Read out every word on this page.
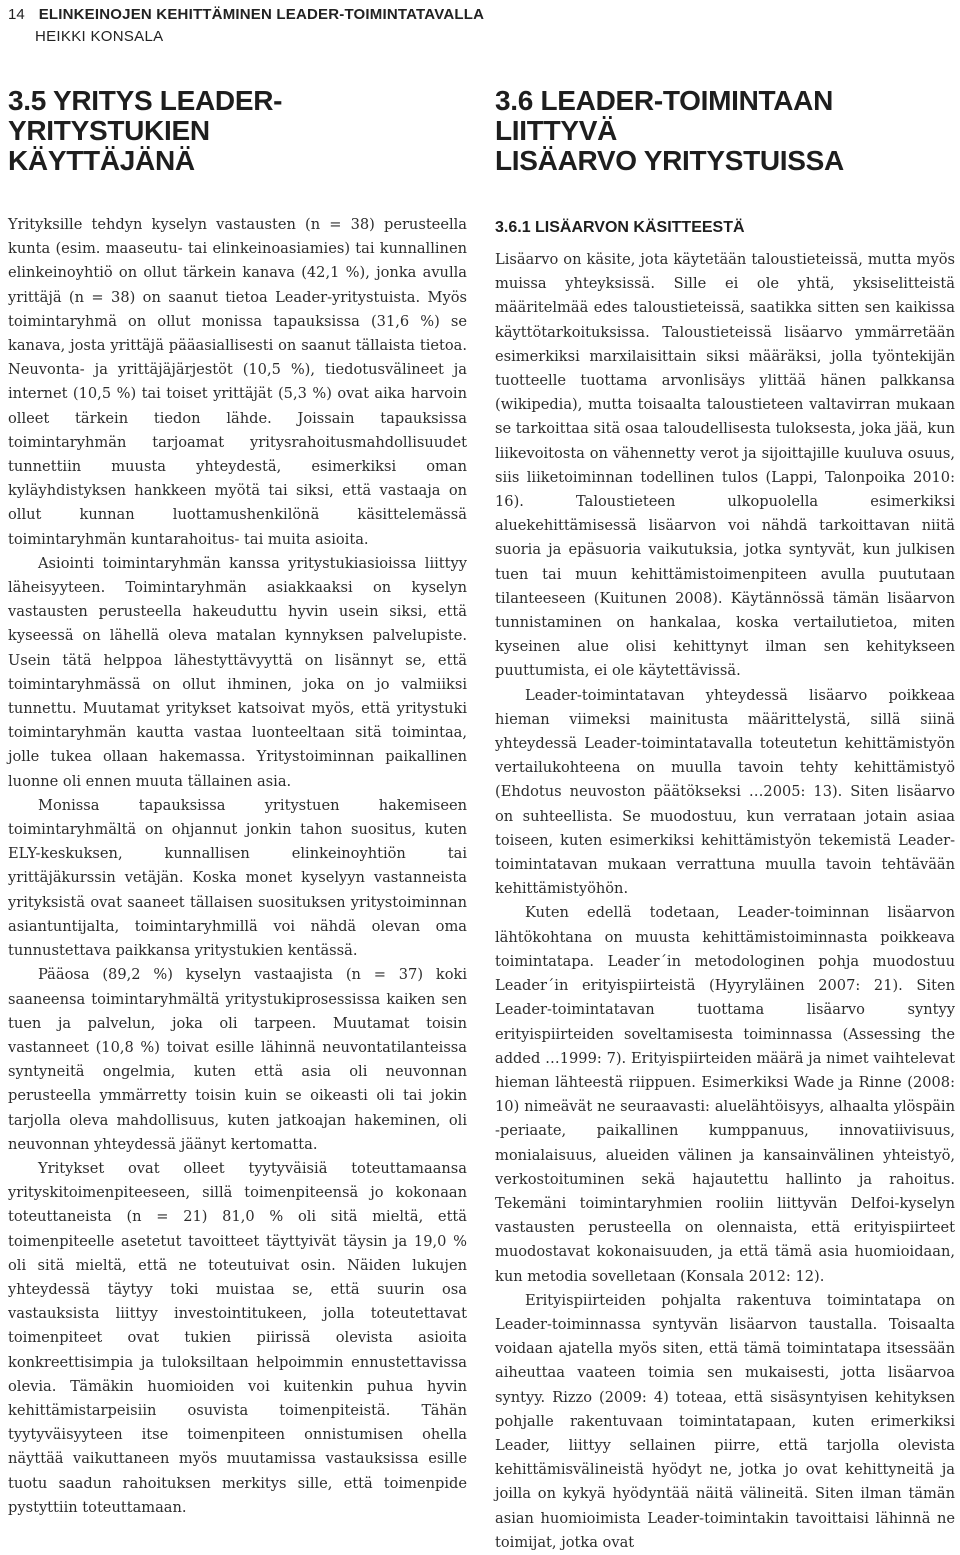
14 ELINKEINOJEN KEHITTÄMINEN LEADER-TOIMINTATAVALLA
HEIKKI KONSALA
3.5 YRITYS LEADER-YRITYSTUKIEN
KÄYTTÄJÄNÄ

Yrityksille tehdyn kyselyn vastausten (n = 38) perusteella kunta (esim. maaseutu- tai elinkeinoasiamies) tai kunnallinen elinkeinoyhtiö on ollut tärkein kanava (42,1 %), jonka avulla yrittäjä (n = 38) on saanut tietoa Leader-yritystuista. Myös toimintaryhmä on ollut monissa tapauksissa (31,6 %) se kanava, josta yrittäjä pääasiallisesti on saanut tällaista tietoa. Neuvonta- ja yrittäjäjärjestöt (10,5 %), tiedotusvälineet ja internet (10,5 %) tai toiset yrittäjät (5,3 %) ovat aika harvoin olleet tärkein tiedon lähde. Joissain tapauksissa toimintaryhmän tarjoamat yritysrahoitusmahdollisuudet tunnettiin muusta yhteydestä, esimerkiksi oman kyläyhdistyksen hankkeen myötä tai siksi, että vastaaja on ollut kunnan luottamushenkilönä käsittelemässä toimintaryhmän kuntarahoitus- tai muita asioita.

Asiointi toimintaryhmän kanssa yritystukiasioissa liittyy läheisyyteen. Toimintaryhmän asiakkaaksi on kyselyn vastausten perusteella hakeuduttu hyvin usein siksi, että kyseessä on lähellä oleva matalan kynnyksen palvelupiste. Usein tätä helppoa lähestyttävyyttä on lisännyt se, että toimintaryhmässä on ollut ihminen, joka on jo valmiiksi tunnettu. Muutamat yritykset katsoivat myös, että yritystuki toimintaryhmän kautta vastaa luonteeltaan sitä toimintaa, jolle tukea ollaan hakemassa. Yritystoiminnan paikallinen luonne oli ennen muuta tällainen asia.

Monissa tapauksissa yritystuen hakemiseen toimintaryhmältä on ohjannut jonkin tahon suositus, kuten ELY-keskuksen, kunnallisen elinkeinoyhtiön tai yrittäjäkurssin vetäjän. Koska monet kyselyyn vastanneista yrityksistä ovat saaneet tällaisen suosituksen yritystoiminnan asiantuntijalta, toimintaryhmillä voi nähdä olevan oma tunnustettava paikkansa yritystukien kentässä.

Pääosa (89,2 %) kyselyn vastaajista (n = 37) koki saaneensa toimintaryhmältä yritystukiprosessissa kaiken sen tuen ja palvelun, joka oli tarpeen. Muutamat toisin vastanneet (10,8 %) toivat esille lähinnä neuvontatilanteissa syntyneitä ongelmia, kuten että asia oli neuvonnan perusteella ymmärretty toisin kuin se oikeasti oli tai jokin tarjolla oleva mahdollisuus, kuten jatkoajan hakeminen, oli neuvonnan yhteydessä jäänyt kertomatta.

Yritykset ovat olleet tyytyväisiä toteuttamaansa yrityskitoimenpiteeseen, sillä toimenpiteensä jo kokonaan toteuttaneista (n = 21) 81,0 % oli sitä mieltä, että toimenpiteelle asetetut tavoitteet täyttyivät täysin ja 19,0 % oli sitä mieltä, että ne toteutuivat osin. Näiden lukujen yhteydessä täytyy toki muistaa se, että suurin osa vastauksista liittyy investointitukeen, jolla toteutettavat toimenpiteet ovat tukien piirissä olevista asioita konkreettisimpia ja tuloksiltaan helpoimmin ennustettavissa olevia. Tämäkin huomioiden voi kuitenkin puhua hyvin kehittämistarpeisiin osuvista toimenpiteistä. Tähän tyytyväisyyteen itse toimenpiteen onnistumisen ohella näyttää vaikuttaneen myös muutamissa vastauksissa esille tuotu saadun rahoituksen merkitys sille, että toimenpide pystyttiin toteuttamaan.

3.6 LEADER-TOIMINTAAN LIITTYVÄ
LISÄARVO YRITYSTUISSA
3.6.1 LISÄARVON KÄSITTEESTÄ

Lisäarvo on käsite, jota käytetään taloustieteissä, mutta myös muissa yhteyksissä. Sille ei ole yhtä, yksiselitteistä määritelmää edes taloustieteissä, saatikka sitten sen kaikissa käyttötarkoituksissa. Taloustieteissä lisäarvo ymmärretään esimerkiksi marxilaisittain siksi määräksi, jolla työntekijän tuotteelle tuottama arvonlisäys ylittää hänen palkkansa (wikipedia), mutta toisaalta taloustieteen valtavirran mukaan se tarkoittaa sitä osaa taloudellisesta tuloksesta, joka jää, kun liikevoitosta on vähennetty verot ja sijoittajille kuuluva osuus, siis liiketoiminnan todellinen tulos (Lappi, Talonpoika 2010: 16). Taloustieteen ulkopuolella esimerkiksi aluekehittämisessä lisäarvon voi nähdä tarkoittavan niitä suoria ja epäsuoria vaikutuksia, jotka syntyvät, kun julkisen tuen tai muun kehittämistoimenpiteen avulla puututaan tilanteeseen (Kuitunen 2008). Käytännössä tämän lisäarvon tunnistaminen on hankalaa, koska vertailutietoa, miten kyseinen alue olisi kehittynyt ilman sen kehitykseen puuttumista, ei ole käytettävissä.

Leader-toimintatavan yhteydessä lisäarvo poikkeaa hieman viimeksi mainitusta määrittelystä, sillä siinä yhteydessä Leader-toimintatavalla toteutetun kehittämistyön vertailukohteena on muulla tavoin tehty kehittämistyö (Ehdotus neuvoston päätökseksi …2005: 13). Siten lisäarvo on suhteellista. Se muodostuu, kun verrataan jotain asiaa toiseen, kuten esimerkiksi kehittämistyön tekemistä Leader-toimintatavan mukaan verrattuna muulla tavoin tehtävään kehittämistyöhön.

Kuten edellä todetaan, Leader-toiminnan lisäarvon lähtökohtana on muusta kehittämistoiminnasta poikkeava toimintatapa. Leader´in metodologinen pohja muodostuu Leader´in erityispiirteistä (Hyyryläinen 2007: 21). Siten Leader-toimintatavan tuottama lisäarvo syntyy erityispiirteiden soveltamisesta toiminnassa (Assessing the added …1999: 7). Erityispiirteiden määrä ja nimet vaihtelevat hieman lähteestä riippuen. Esimerkiksi Wade ja Rinne (2008: 10) nimeävät ne seuraavasti: aluelähtöisyys, alhaalta ylöspäin -periaate, paikallinen kumppanuus, innovatiivisuus, monialaisuus, alueiden välinen ja kansainvälinen yhteistyö, verkostoituminen sekä hajautettu hallinto ja rahoitus. Tekemäni toimintaryhmien rooliin liittyvän Delfoi-kyselyn vastausten perusteella on olennaista, että erityispiirteet muodostavat kokonaisuuden, ja että tämä asia huomioidaan, kun metodia sovelletaan (Konsala 2012: 12).

Erityispiirteiden pohjalta rakentuva toimintatapa on Leader-toiminnassa syntyvän lisäarvon taustalla. Toisaalta voidaan ajatella myös siten, että tämä toimintatapa itsessään aiheuttaa vaateen toimia sen mukaisesti, jotta lisäarvoa syntyy. Rizzo (2009: 4) toteaa, että sisäsyntyisen kehityksen pohjalle rakentuvaan toimintatapaan, kuten erimerkiksi Leader, liittyy sellainen piirre, että tarjolla olevista kehittämisvälineistä hyödyt ne, jotka jo ovat kehittyneitä ja joilla on kykyä hyödyntää näitä välineitä. Siten ilman tämän asian huomioimista Leader-toimintakin tavoittaisi lähinnä ne toimijat, jotka ovat
